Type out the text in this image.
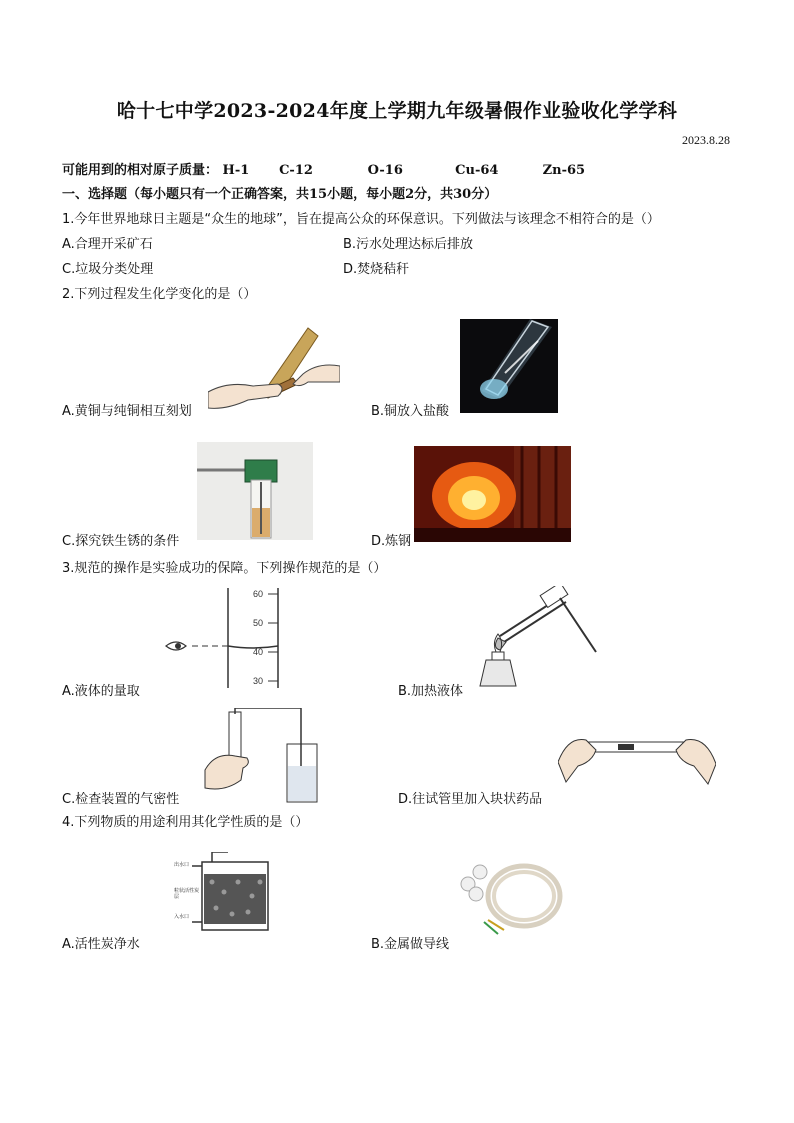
哈十七中学2023-2024年度上学期九年级暑假作业验收化学学科
2023.8.28
可能用到的相对原子质量： H-1 C-12	O-16	Cu-64	Zn-65
一、选择题（每小题只有一个正确答案，共15小题，每小题2分，共30分）
1.今年世界地球日主题是“众生的地球”，旨在提高公众的环保意识。下列做法与该理念不相符合的是（）
A.合理开采矿石	B.污水处理达标后排放
C.垃圾分类处理	D.焚烧秸秆
2.下列过程发生化学变化的是（）
A.黄铜与纯铜相互刻划	B.铜放入盐酸
C.探究铁生锈的条件	D.炼钢
3.规范的操作是实验成功的保障。下列操作规范的是（）
60
50
40
30
A.液体的量取	B.加热液体
C.检查装置的气密性	D.往试管里加入块状药品
4.下列物质的用途利用其化学性质的是（）
出水口
粒状活性炭层
入水口
A.活性炭净水	B.金属做导线
